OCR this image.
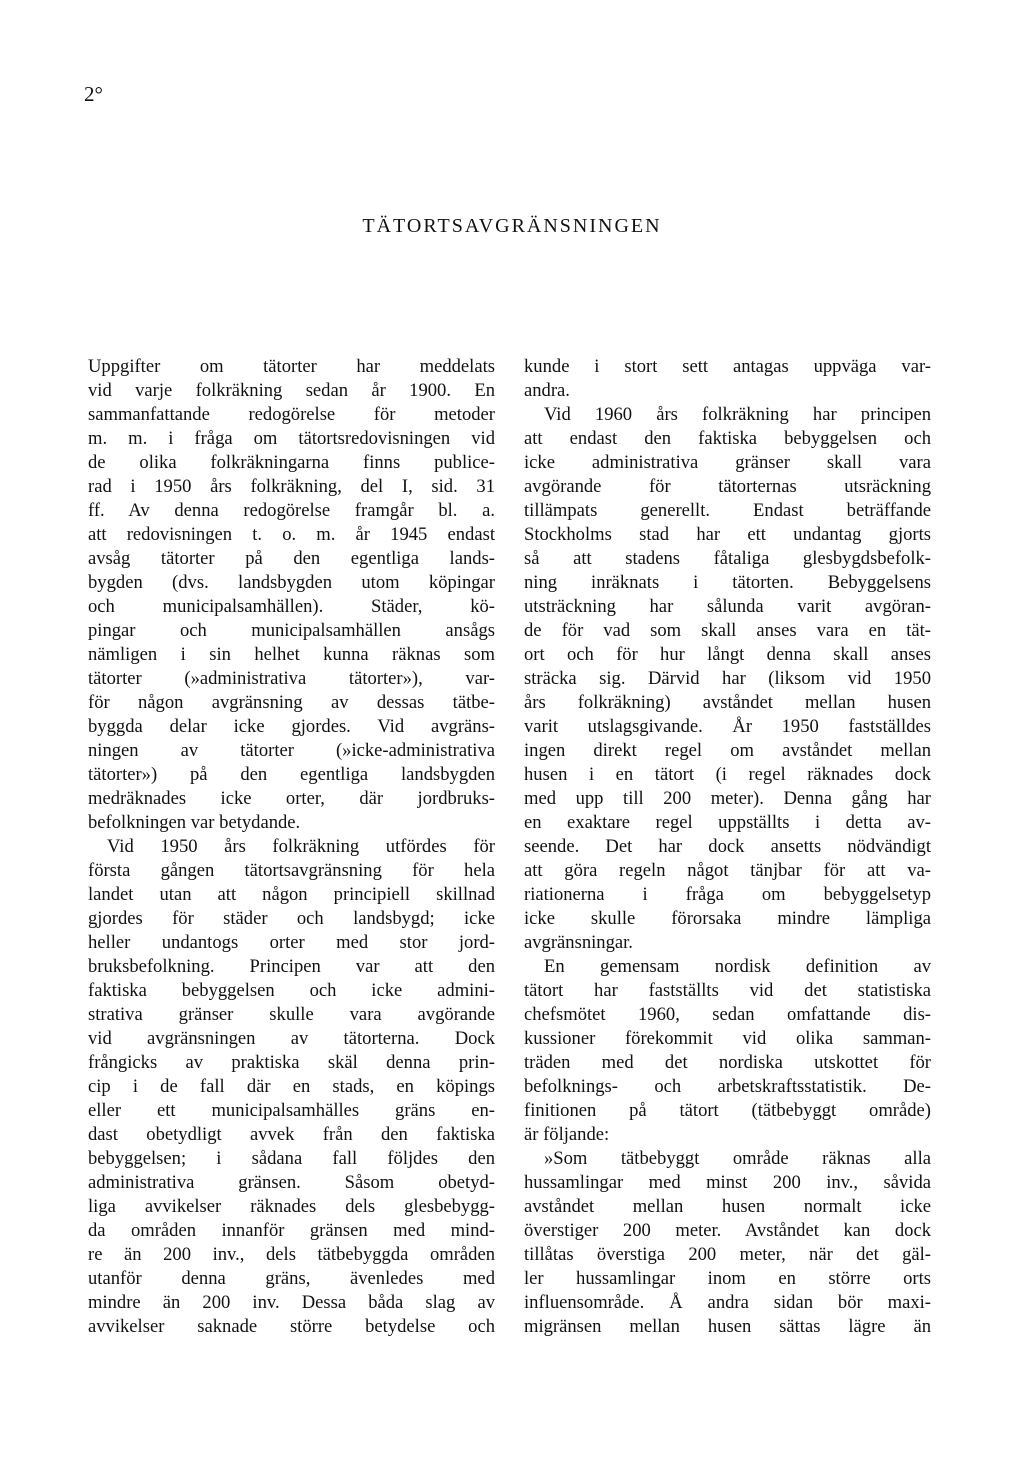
2°
TÄTORTSAVGRÄNSNINGEN
Uppgifter om tätorter har meddelats
vid varje folkräkning sedan år 1900. En
sammanfattande redogörelse för metoder
m. m. i fråga om tätortsredovisningen vid
de olika folkräkningarna finns publice-
rad i 1950 års folkräkning, del I, sid. 31
ff. Av denna redogörelse framgår bl. a.
att redovisningen t. o. m. år 1945 endast
avsåg tätorter på den egentliga lands-
bygden (dvs. landsbygden utom köpingar
och municipalsamhällen). Städer, kö-
pingar och municipalsamhällen ansågs
nämligen i sin helhet kunna räknas som
tätorter (»administrativa tätorter»), var-
för någon avgränsning av dessas tätbe-
byggda delar icke gjordes. Vid avgräns-
ningen av tätorter (»icke-administrativa
tätorter») på den egentliga landsbygden
medräknades icke orter, där jordbruks-
befolkningen var betydande.
Vid 1950 års folkräkning utfördes för
första gången tätortsavgränsning för hela
landet utan att någon principiell skillnad
gjordes för städer och landsbygd; icke
heller undantogs orter med stor jord-
bruksbefolkning. Principen var att den
faktiska bebyggelsen och icke admini-
strativa gränser skulle vara avgörande
vid avgränsningen av tätorterna. Dock
frångicks av praktiska skäl denna prin-
cip i de fall där en stads, en köpings
eller ett municipalsamhälles gräns en-
dast obetydligt avvek från den faktiska
bebyggelsen; i sådana fall följdes den
administrativa gränsen. Såsom obetyd-
liga avvikelser räknades dels glesbebygg-
da områden innanför gränsen med mind-
re än 200 inv., dels tätbebyggda områden
utanför denna gräns, ävenledes med
mindre än 200 inv. Dessa båda slag av
avvikelser saknade större betydelse och
kunde i stort sett antagas uppväga var-
andra.
Vid 1960 års folkräkning har principen
att endast den faktiska bebyggelsen och
icke administrativa gränser skall vara
avgörande för tätorternas utsräckning
tillämpats generellt. Endast beträffande
Stockholms stad har ett undantag gjorts
så att stadens fåtaliga glesbygdsbefolk-
ning inräknats i tätorten. Bebyggelsens
utsträckning har sålunda varit avgöran-
de för vad som skall anses vara en tät-
ort och för hur långt denna skall anses
sträcka sig. Därvid har (liksom vid 1950
års folkräkning) avståndet mellan husen
varit utslagsgivande. År 1950 fastställdes
ingen direkt regel om avståndet mellan
husen i en tätort (i regel räknades dock
med upp till 200 meter). Denna gång har
en exaktare regel uppställts i detta av-
seende. Det har dock ansetts nödvändigt
att göra regeln något tänjbar för att va-
riationerna i fråga om bebyggelsetyp
icke skulle förorsaka mindre lämpliga
avgränsningar.
En gemensam nordisk definition av
tätort har fastställts vid det statistiska
chefsmötet 1960, sedan omfattande dis-
kussioner förekommit vid olika samman-
träden med det nordiska utskottet för
befolknings- och arbetskraftsstatistik. De-
finitionen på tätort (tätbebyggt område)
är följande:
»Som tätbebyggt område räknas alla
hussamlingar med minst 200 inv., såvida
avståndet mellan husen normalt icke
överstiger 200 meter. Avståndet kan dock
tillåtas överstiga 200 meter, när det gäl-
ler hussamlingar inom en större orts
influensområde. Å andra sidan bör maxi-
migränsen mellan husen sättas lägre än
